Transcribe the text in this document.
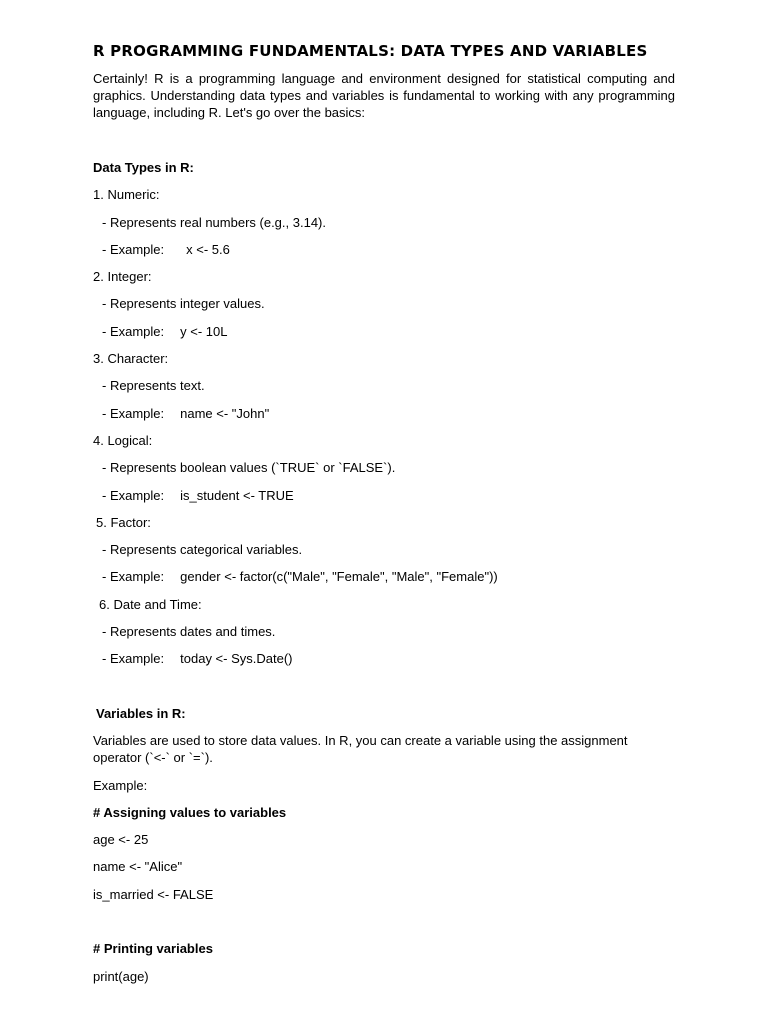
R PROGRAMMING FUNDAMENTALS: DATA TYPES AND VARIABLES

Certainly! R is a programming language and environment designed for statistical computing and graphics. Understanding data types and variables is fundamental to working with any programming language, including R. Let's go over the basics:

Data Types in R:
1. Numeric:
- Represents real numbers (e.g., 3.14).
- Example: x <- 5.6
2. Integer:
- Represents integer values.
- Example: y <- 10L
3. Character:
- Represents text.
- Example: name <- "John"
4. Logical:
- Represents boolean values (`TRUE` or `FALSE`).
- Example: is_student <- TRUE
5. Factor:
- Represents categorical variables.
- Example: gender <- factor(c("Male", "Female", "Male", "Female"))
6. Date and Time:
- Represents dates and times.
- Example: today <- Sys.Date()
Variables in R:
Variables are used to store data values. In R, you can create a variable using the assignment operator (`<-` or `=`).
Example:
# Assigning values to variables
age <- 25
name <- "Alice"
is_married <- FALSE
# Printing variables
print(age)
